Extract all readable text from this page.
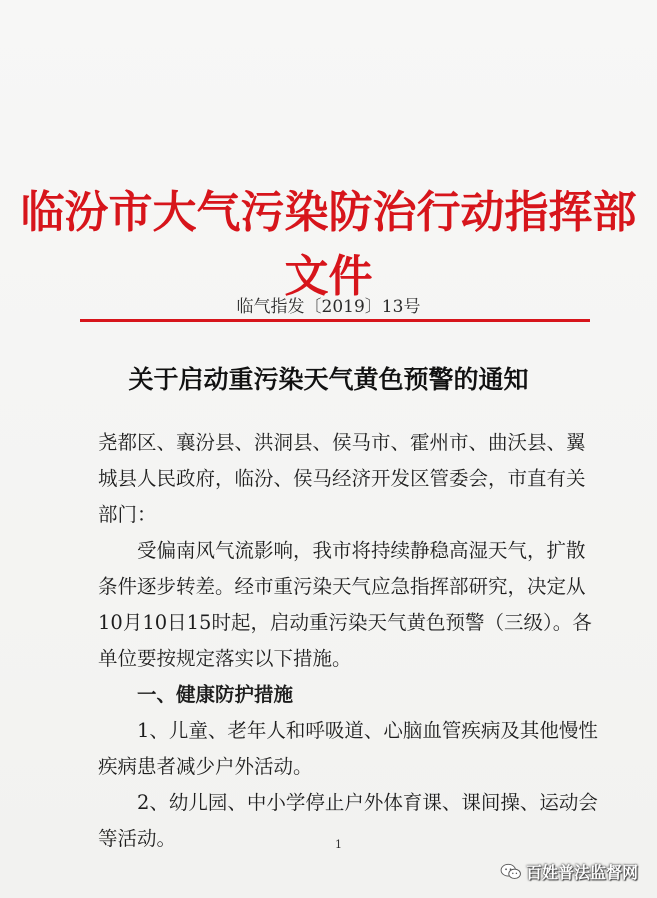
临汾市大气污染防治行动指挥部文件
临气指发〔2019〕13号
关于启动重污染天气黄色预警的通知

尧都区、襄汾县、洪洞县、侯马市、霍州市、曲沃县、翼城县人民政府，临汾、侯马经济开发区管委会，市直有关部门：

受偏南风气流影响，我市将持续静稳高湿天气，扩散条件逐步转差。经市重污染天气应急指挥部研究，决定从10月10日15时起，启动重污染天气黄色预警（三级）。各单位要按规定落实以下措施。

一、健康防护措施

1、儿童、老年人和呼吸道、心脑血管疾病及其他慢性疾病患者减少户外活动。

2、幼儿园、中小学停止户外体育课、课间操、运动会等活动。	1
百姓普法监督网
